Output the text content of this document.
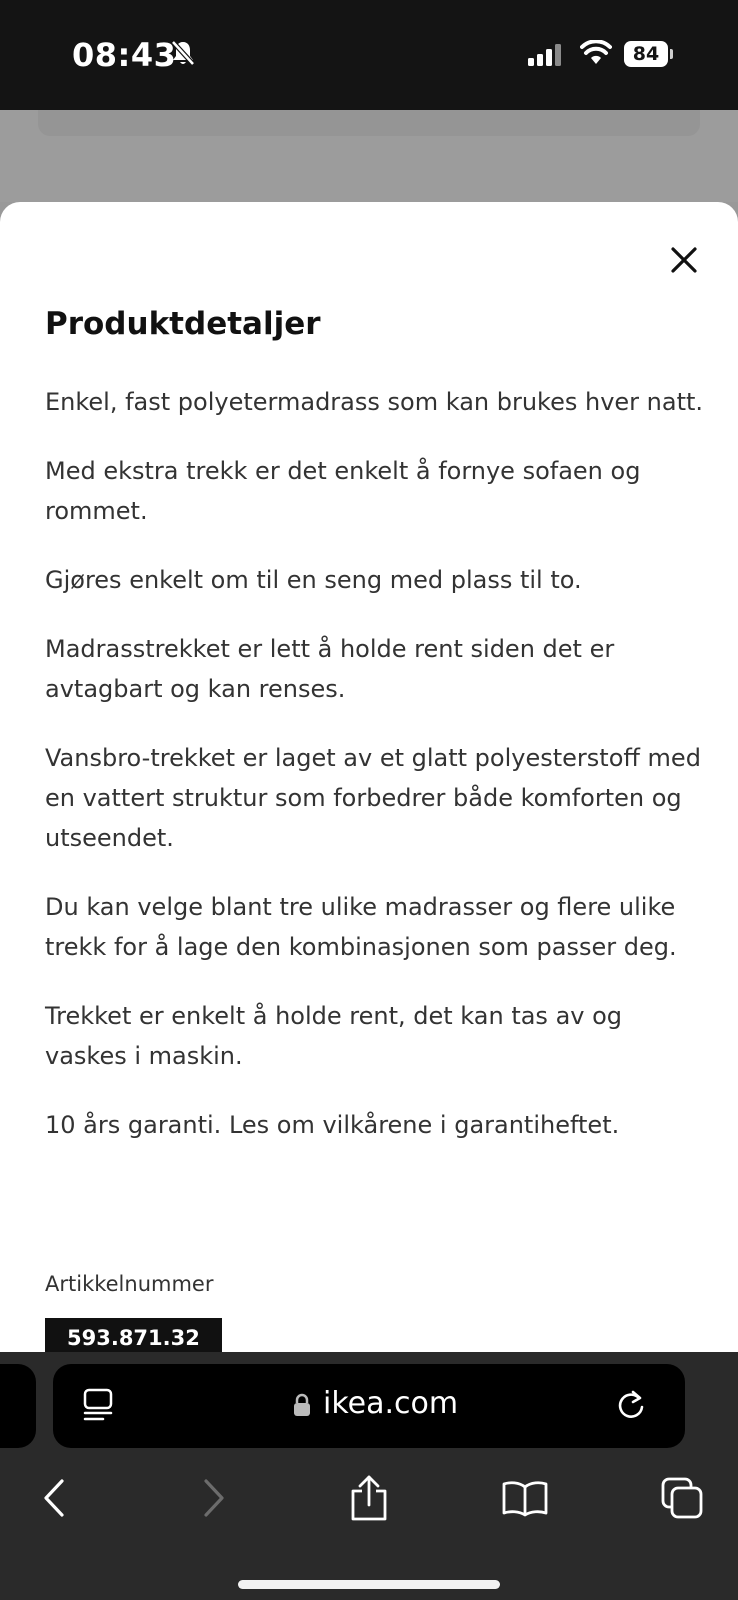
08:43	84
Produktdetaljer

Enkel, fast polyetermadrass som kan brukes hver natt.

Med ekstra trekk er det enkelt å fornye sofaen og rommet.

Gjøres enkelt om til en seng med plass til to.

Madrasstrekket er lett å holde rent siden det er avtagbart og kan renses.

Vansbro-trekket er laget av et glatt polyesterstoff med en vattert struktur som forbedrer både komforten og utseendet.

Du kan velge blant tre ulike madrasser og flere ulike trekk for å lage den kombinasjonen som passer deg.

Trekket er enkelt å holde rent, det kan tas av og vaskes i maskin.

10 års garanti. Les om vilkårene i garantiheftet.

Artikkelnummer
593.871.32
ikea.com
